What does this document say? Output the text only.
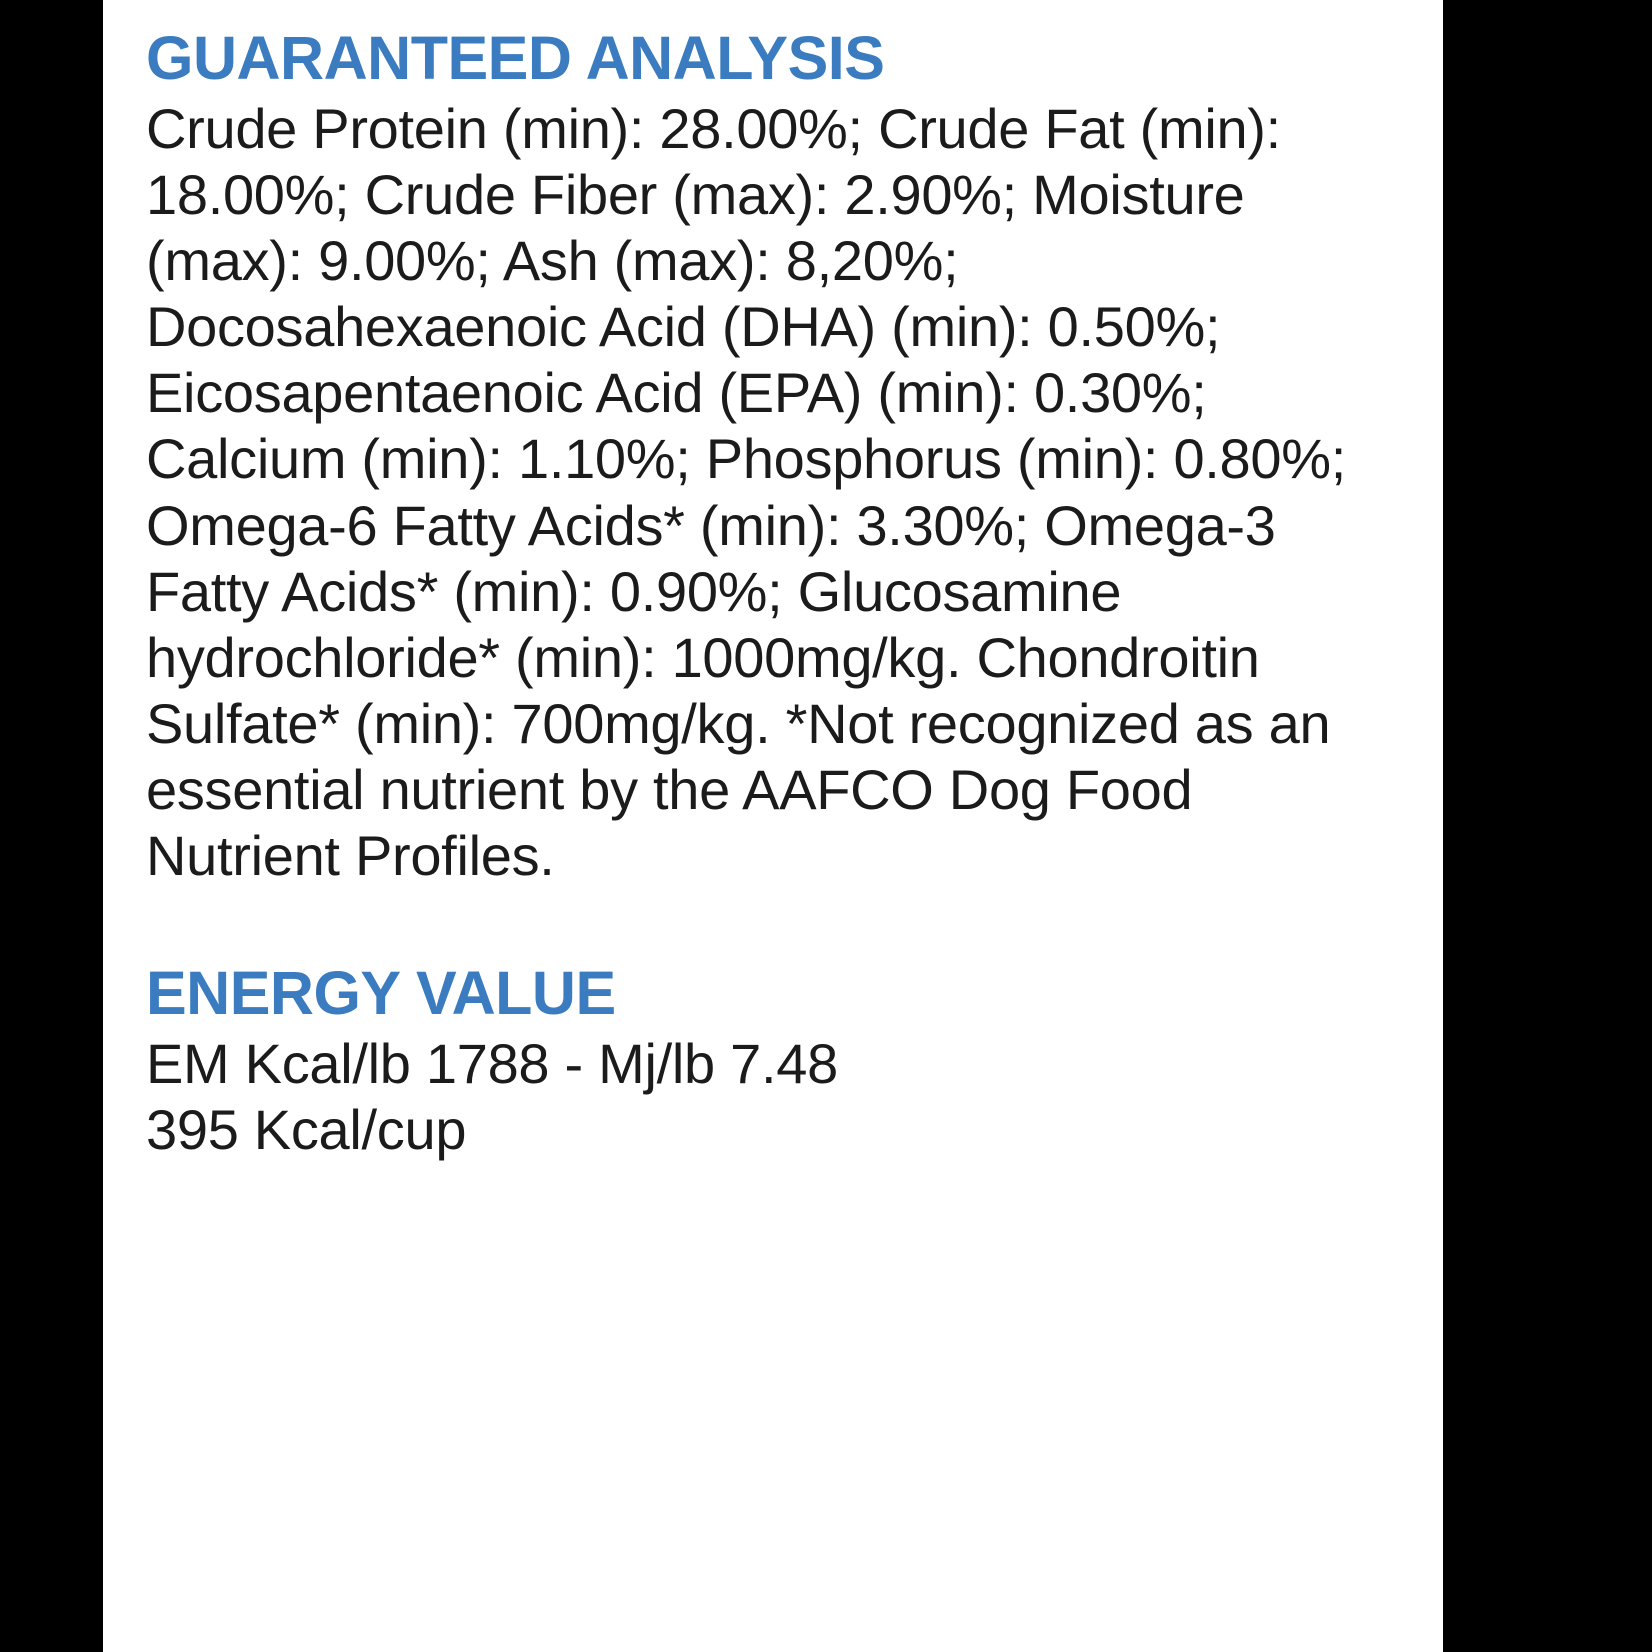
GUARANTEED ANALYSIS

Crude Protein (min): 28.00%; Crude Fat (min): 18.00%; Crude Fiber (max): 2.90%; Moisture (max): 9.00%; Ash (max): 8,20%; Docosahexaenoic Acid (DHA) (min): 0.50%; Eicosapentaenoic Acid (EPA) (min): 0.30%; Calcium (min): 1.10%; Phosphorus (min): 0.80%; Omega-6 Fatty Acids* (min): 3.30%; Omega-3 Fatty Acids* (min): 0.90%; Glucosamine hydrochloride* (min): 1000mg/kg. Chondroitin Sulfate* (min): 700mg/kg. *Not recognized as an essential nutrient by the AAFCO Dog Food Nutrient Profiles.

ENERGY VALUE

EM Kcal/lb 1788 - Mj/lb 7.48

395 Kcal/cup
